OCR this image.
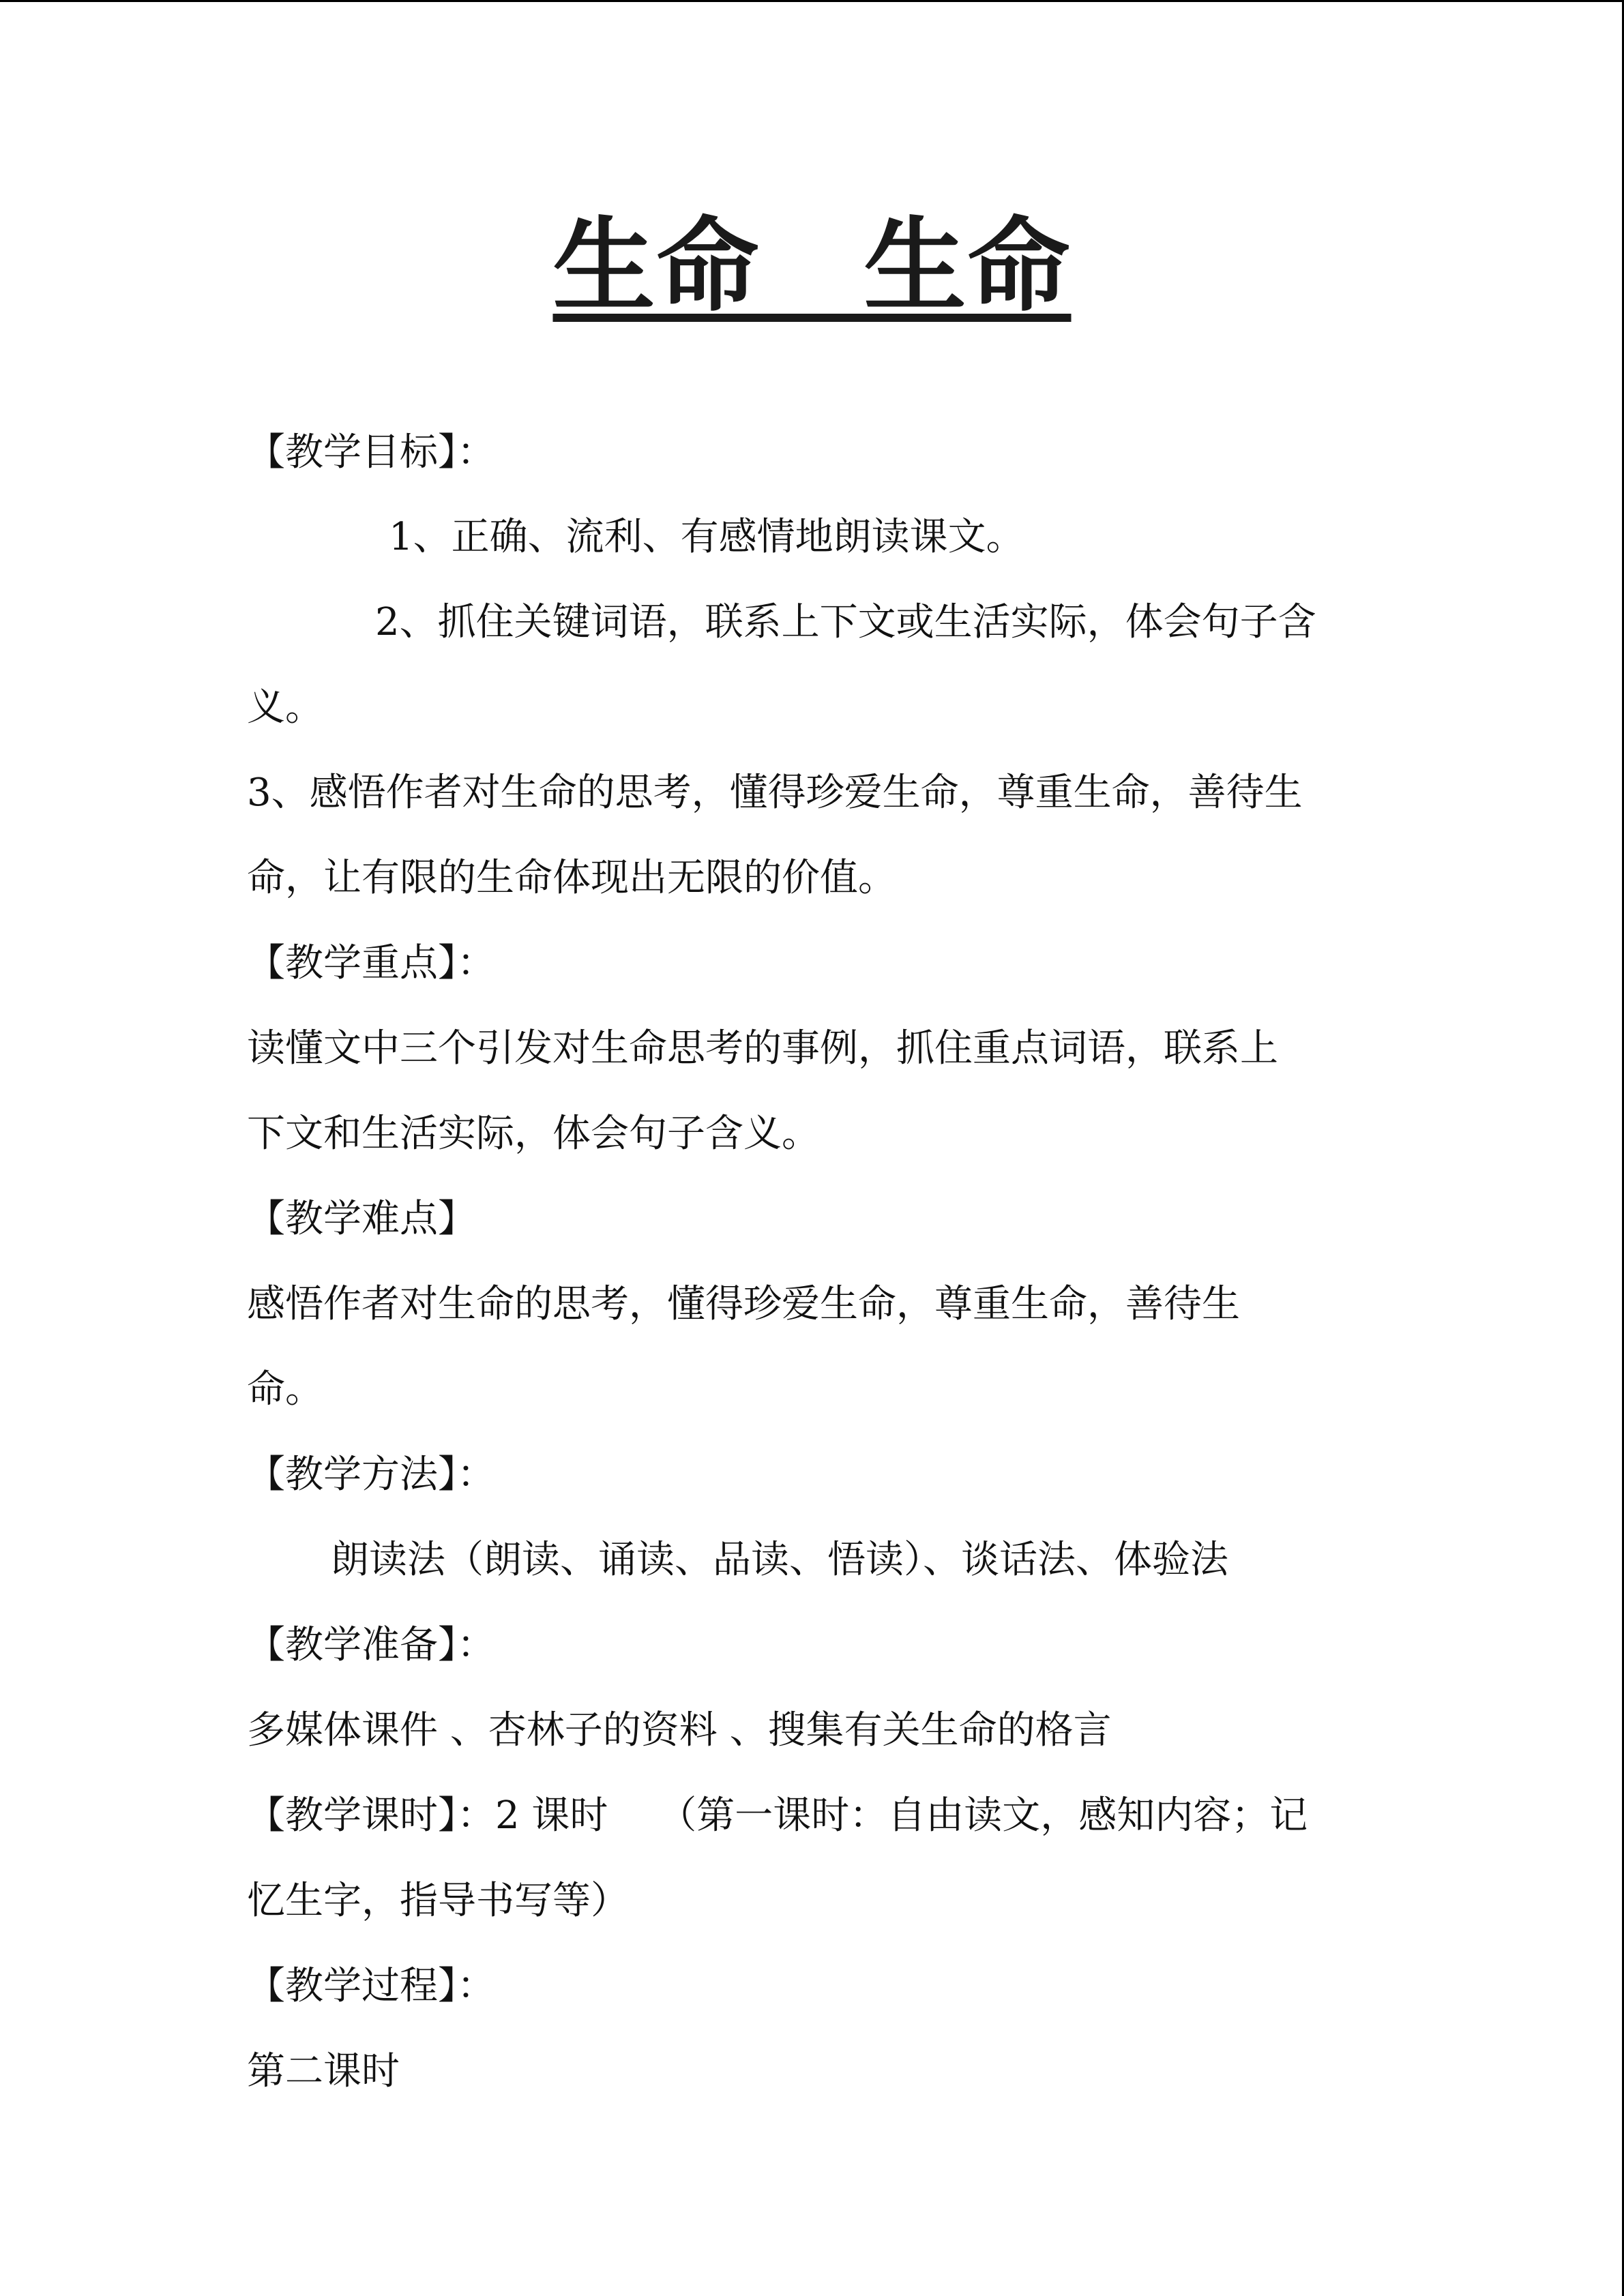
生命　生命
【教学目标】：
1、正确、流利、有感情地朗读课文。
2、抓住关键词语，联系上下文或生活实际，体会句子含
义。
3、感悟作者对生命的思考，懂得珍爱生命，尊重生命，善待生
命，让有限的生命体现出无限的价值。
【教学重点】：
读懂文中三个引发对生命思考的事例，抓住重点词语，联系上
下文和生活实际，体会句子含义。
【教学难点】
感悟作者对生命的思考，懂得珍爱生命，尊重生命，善待生
命。
【教学方法】：
朗读法（朗读、诵读、品读、悟读）、谈话法、体验法
【教学准备】：
多媒体课件 、杏林子的资料 、搜集有关生命的格言
【教学课时】：2 课时　 （第一课时：自由读文，感知内容；记
忆生字，指导书写等）
【教学过程】：
第二课时
